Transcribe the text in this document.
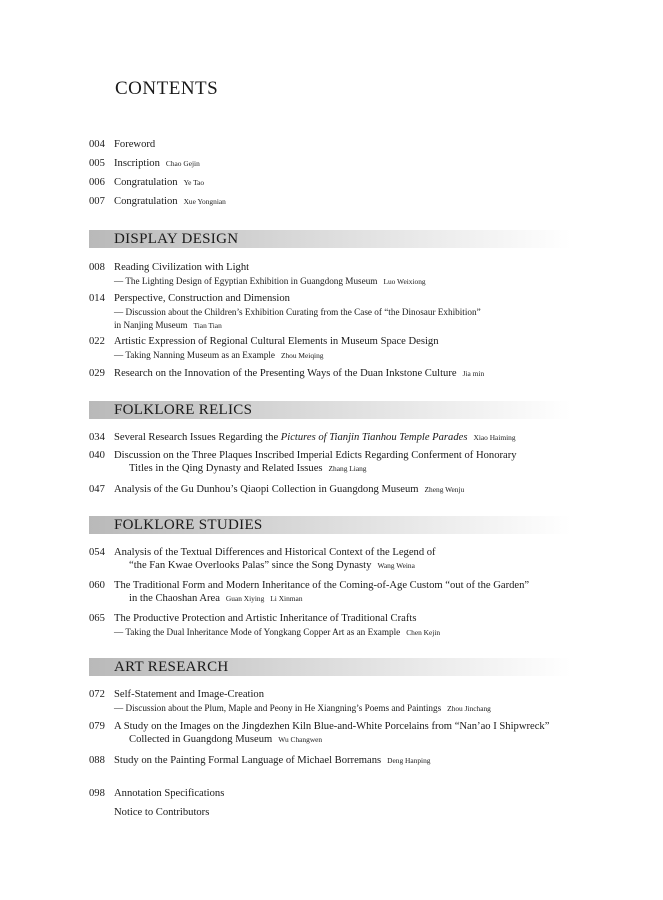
CONTENTS
004 Foreword
005 Inscription Chao Gejin
006 Congratulation Ye Tao
007 Congratulation Xue Yongnian
DISPLAY DESIGN
008 Reading Civilization with Light
— The Lighting Design of Egyptian Exhibition in Guangdong Museum Luo Weixiong
014 Perspective, Construction and Dimension
— Discussion about the Children’s Exhibition Curating from the Case of “the Dinosaur Exhibition”
in Nanjing Museum Tian Tian
022 Artistic Expression of Regional Cultural Elements in Museum Space Design
— Taking Nanning Museum as an Example Zhou Meiqing
029 Research on the Innovation of the Presenting Ways of the Duan Inkstone Culture Jia min
FOLKLORE RELICS
034 Several Research Issues Regarding the Pictures of Tianjin Tianhou Temple Parades Xiao Haiming
040 Discussion on the Three Plaques Inscribed Imperial Edicts Regarding Conferment of Honorary
Titles in the Qing Dynasty and Related Issues Zhang Liang
047 Analysis of the Gu Dunhou’s Qiaopi Collection in Guangdong Museum Zheng Wenju
FOLKLORE STUDIES
054 Analysis of the Textual Differences and Historical Context of the Legend of
“the Fan Kwae Overlooks Palas” since the Song Dynasty Wang Weina
060 The Traditional Form and Modern Inheritance of the Coming-of-Age Custom “out of the Garden”
in the Chaoshan Area Guan Xiying Li Xinman
065 The Productive Protection and Artistic Inheritance of Traditional Crafts
— Taking the Dual Inheritance Mode of Yongkang Copper Art as an Example Chen Kejin
ART RESEARCH
072 Self-Statement and Image-Creation
— Discussion about the Plum, Maple and Peony in He Xiangning’s Poems and Paintings Zhou Jinchang
079 A Study on the Images on the Jingdezhen Kiln Blue-and-White Porcelains from “Nan’ao I Shipwreck”
Collected in Guangdong Museum Wu Changwen
088 Study on the Painting Formal Language of Michael Borremans Deng Hanping
098 Annotation Specifications
Notice to Contributors
